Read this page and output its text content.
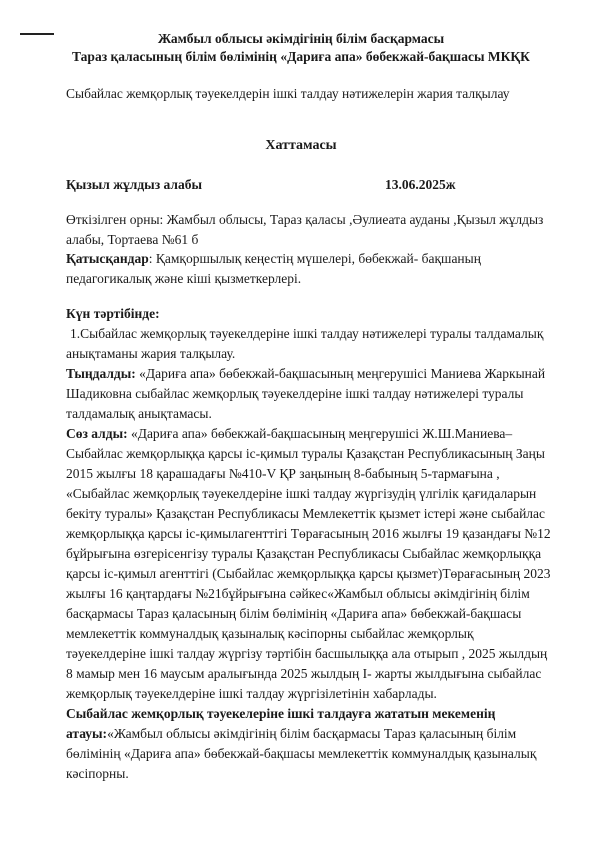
Жамбыл облысы әкімдігінің білім басқармасы
Тараз қаласының білім бөлімінің «Дариға апа» бөбекжай-бақшасы МКҚК
Сыбайлас жемқорлық тәуекелдерін ішкі талдау нәтижелерін жария талқылау
Хаттамасы
Қызыл жұлдыз алабы	13.06.2025ж
Өткізілген орны: Жамбыл облысы, Тараз қаласы ,Әулиеата ауданы ,Қызыл жұлдыз
алабы, Тортаева №61 б
Қатысқандар: Қамқоршылық кеңестің мүшелері, бөбекжай- бақшаның
педагогикалық және кіші қызметкерлері.
Күн тәртібінде:
1.Сыбайлас жемқорлық тәуекелдеріне ішкі талдау нәтижелері туралы талдамалық
анықтаманы жария талқылау.
Тыңдалды: «Дариға апа» бөбекжай-бақшасының меңгерушісі Маниева Жаркынай
Шадиковна сыбайлас жемқорлық тәуекелдеріне ішкі талдау нәтижелері туралы
талдамалық анықтамасы.
Сөз алды: «Дариға апа» бөбекжай-бақшасының меңгерушісі Ж.Ш.Маниева–
Сыбайлас жемқорлыққа қарсы іс-қимыл туралы Қазақстан Республикасының Заңы
2015 жылғы 18 қарашадағы №410-V ҚР заңының 8-бабының 5-тармағына ,
«Сыбайлас жемқорлық тәуекелдеріне ішкі талдау жүргізудің үлгілік қағидаларын
бекіту туралы» Қазақстан Республикасы Мемлекеттік қызмет істері және сыбайлас
жемқорлыққа қарсы іс-қимылагенттігі Төрағасының 2016 жылғы 19 қазандағы №12
бұйрығына өзгерісенгізу туралы Қазақстан Республикасы Сыбайлас жемқорлыққа
қарсы іс-қимыл агенттігі (Сыбайлас жемқорлыққа қарсы қызмет)Төрағасының 2023
жылғы 16 қаңтардағы №21бұйрығына сәйкес«Жамбыл облысы әкімдігінің білім
басқармасы Тараз қаласының білім бөлімінің «Дариға апа» бөбекжай-бақшасы
мемлекеттік коммуналдық қазыналық кәсіпорны сыбайлас жемқорлық
тәуекелдеріне ішкі талдау жүргізу тәртібін басшылыққа ала отырып , 2025 жылдың
8 мамыр мен 16 маусым аралығында 2025 жылдың І- жарты жылдығына сыбайлас
жемқорлық тәуекелдеріне ішкі талдау жүргізілетінін хабарлады.
Сыбайлас жемқорлық тәуекелеріне ішкі талдауға жататын мекеменің
атауы:«Жамбыл облысы әкімдігінің білім басқармасы Тараз қаласының білім
бөлімінің «Дариға апа» бөбекжай-бақшасы мемлекеттік коммуналдық қазыналық
кәсіпорны.
